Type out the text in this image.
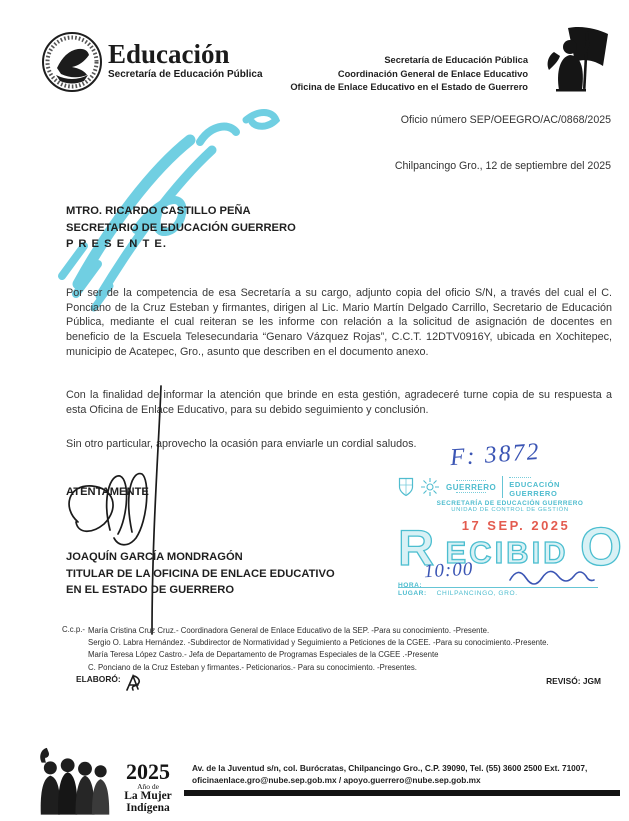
Educación
Secretaría de Educación Pública
Secretaría de Educación Pública
Coordinación General de Enlace Educativo
Oficina de Enlace Educativo en el Estado de Guerrero
Oficio número SEP/OEEGRO/AC/0868/2025
Chilpancingo Gro., 12 de septiembre del 2025
MTRO. RICARDO CASTILLO PEÑA
SECRETARIO DE EDUCACIÓN GUERRERO
P R E S E N T E.
Por ser de la competencia de esa Secretaría a su cargo, adjunto copia del oficio S/N, a través del cual el C. Ponciano de la Cruz Esteban y firmantes, dirigen al Lic. Mario Martín Delgado Carrillo, Secretario de Educación Pública, mediante el cual reiteran se les informe con relación a la solicitud de asignación de docentes en beneficio de la Escuela Telesecundaria “Genaro Vázquez Rojas”, C.C.T. 12DTV0916Y, ubicada en Xochitepec, municipio de Acatepec, Gro., asunto que describen en el documento anexo.
Con la finalidad de informar la atención que brinde en esta gestión, agradeceré turne copia de su respuesta a esta Oficina de Enlace Educativo, para su debido seguimiento y conclusión.
Sin otro particular, aprovecho la ocasión para enviarle un cordial saludos.	F: 3872
ATENTAMENTE
JOAQUÍN GARCÍA MONDRAGÓN
TITULAR DE LA OFICINA DE ENLACE EDUCATIVO
EN EL ESTADO DE GUERRERO
GUERRERO EDUCACIÓN
GUERRERO
SECRETARÍA DE EDUCACIÓN GUERRERO
UNIDAD DE CONTROL DE GESTIÓN
R ECIBID O
17 SEP. 2025
HORA:
10:00
LUGAR: CHILPANCINGO, GRO.
C.c.p.- María Cristina Cruz Cruz.- Coordinadora General de Enlace Educativo de la SEP. -Para su conocimiento. -Presente.
Sergio O. Labra Hernández. -Subdirector de Normatividad y Seguimiento a Peticiones de la CGEE. -Para su conocimiento.-Presente.
María Teresa López Castro.- Jefa de Departamento de Programas Especiales de la CGEE .-Presente
C. Ponciano de la Cruz Esteban y firmantes.- Peticionarios.- Para su conocimiento. -Presentes.
ELABORÓ:	REVISÓ: JGM
2025
Año de
La Mujer
Indígena
Av. de la Juventud s/n, col. Burócratas, Chilpancingo Gro., C.P. 39090, Tel. (55) 3600 2500 Ext. 71007,
oficinaenlace.gro@nube.sep.gob.mx / apoyo.guerrero@nube.sep.gob.mx
